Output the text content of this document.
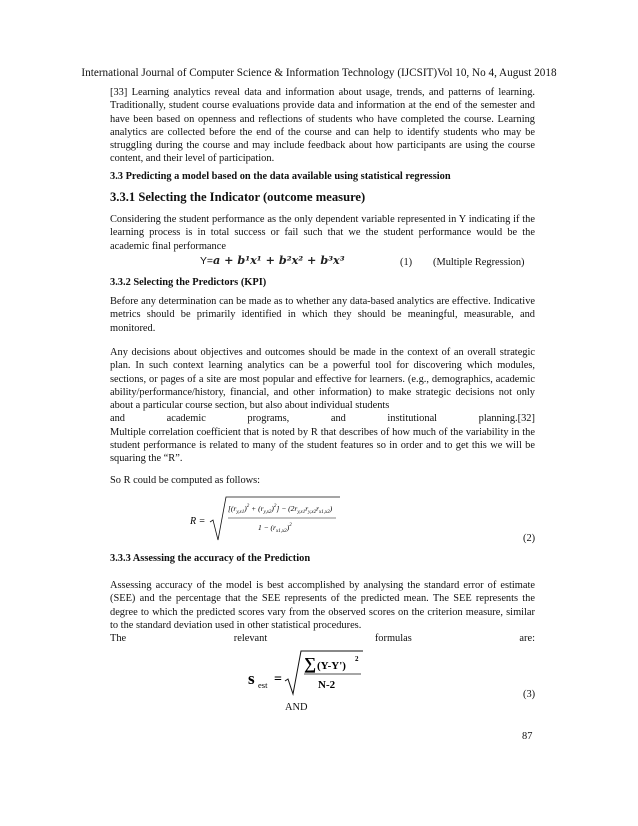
International Journal of Computer Science & Information Technology (IJCSIT)Vol 10, No 4, August 2018

[33] Learning analytics reveal data and information about usage, trends, and patterns of learning. Traditionally, student course evaluations provide data and information at the end of the semester and have been based on openness and reflections of students who have completed the course. Learning analytics are collected before the end of the course and can help to identify students who may be struggling during the course and may include feedback about how participants are using the course content, and their level of participation.

3.3 Predicting a model based on the data available using statistical regression
3.3.1 Selecting the Indicator (outcome measure)

Considering the student performance as the only dependent variable represented in Y indicating if the learning process is in total success or fail such that we the student performance would be the academic final performance

Y=a + b¹x¹ + b²x² + b³x³	(1) (Multiple Regression)
3.3.2 Selecting the Predictors (KPI)

Before any determination can be made as to whether any data-based analytics are effective. Indicative metrics should be primarily identified in which they should be meaningful, measurable, and monitored.

Any decisions about objectives and outcomes should be made in the context of an overall strategic plan. In such context learning analytics can be a powerful tool for discovering which modules, sections, or pages of a site are most popular and effective for learners. (e.g., demographics, academic ability/performance/history, financial, and other information) to make strategic decisions not only about a particular course section, but also about individual students

and	academic	programs,	and	institutional	planning.[32]

Multiple correlation coefficient that is noted by R that describes of how much of the variability in the student performance is related to many of the student features so in order and to get this we will be squaring the “R”.

So R could be computed as follows:
R =
$[(r_{y,x1})^2 + (r_{y,x2})^2] - (2r_{y,x1}r_{y,x2}r_{x1,x2})$
$1 - (r_{x1,x2})^2$
(2)
3.3.3 Assessing the accuracy of the Prediction

Assessing accuracy of the model is best accomplished by analysing the standard error of estimate (SEE) and the percentage that the SEE represents of the predicted mean. The SEE represents the degree to which the predicted scores vary from the observed scores on the criterion measure, similar to the standard deviation used in other statistical procedures.

The	relevant	formulas	are:
s est =
∑ (Y-Y')
2
N-2
(3)
AND
87
